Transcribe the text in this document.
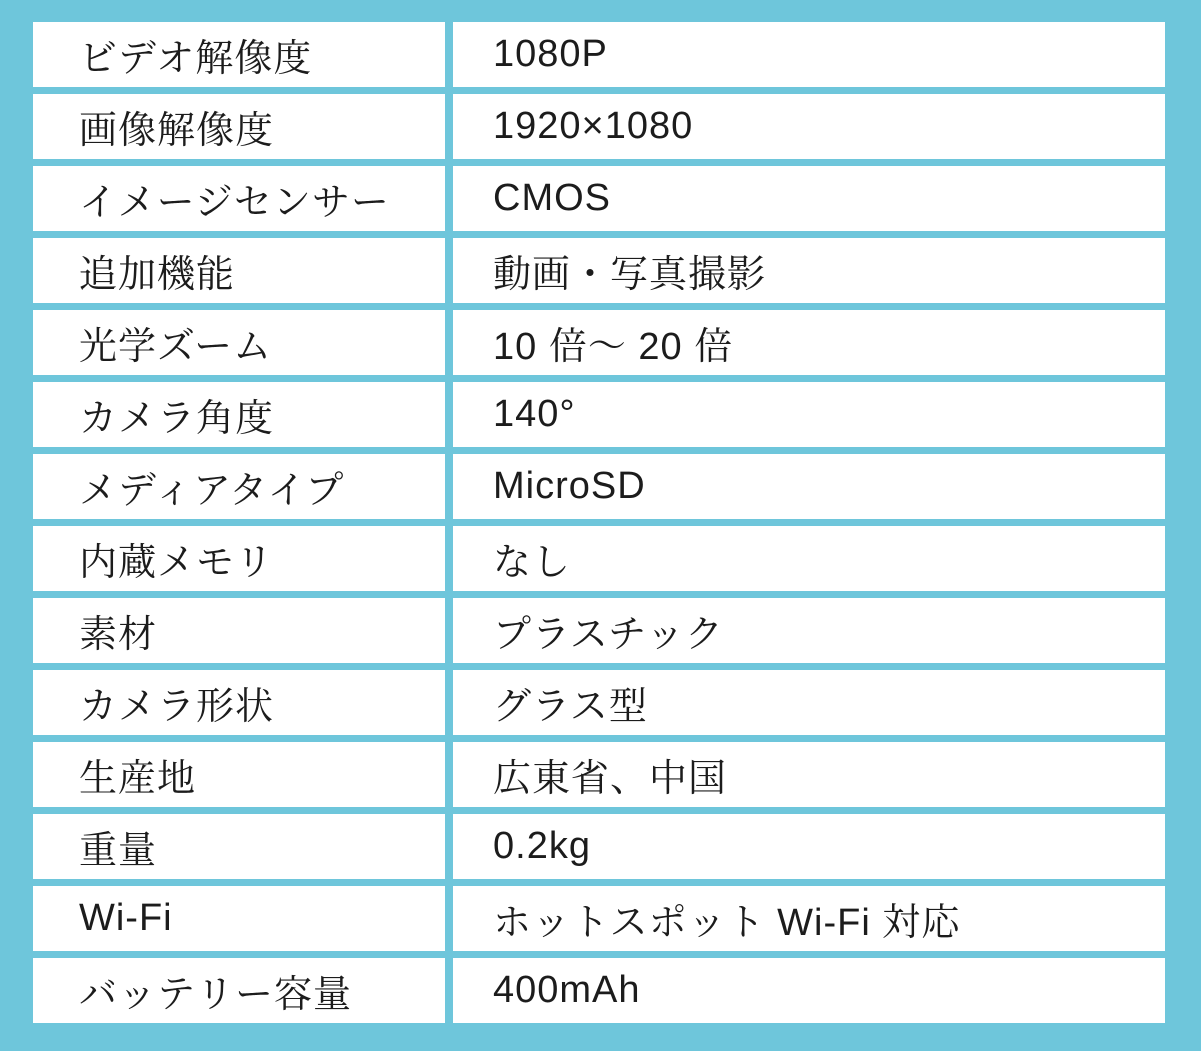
ビデオ解像度	1080P
画像解像度	1920×1080
イメージセンサー	CMOS
追加機能	動画・写真撮影
光学ズーム	10 倍～ 20 倍
カメラ角度	140°
メディアタイプ	MicroSD
内蔵メモリ	なし
素材	プラスチック
カメラ形状	グラス型
生産地	広東省、中国
重量	0.2kg
Wi-Fi	ホットスポット Wi-Fi 対応
バッテリー容量	400mAh
